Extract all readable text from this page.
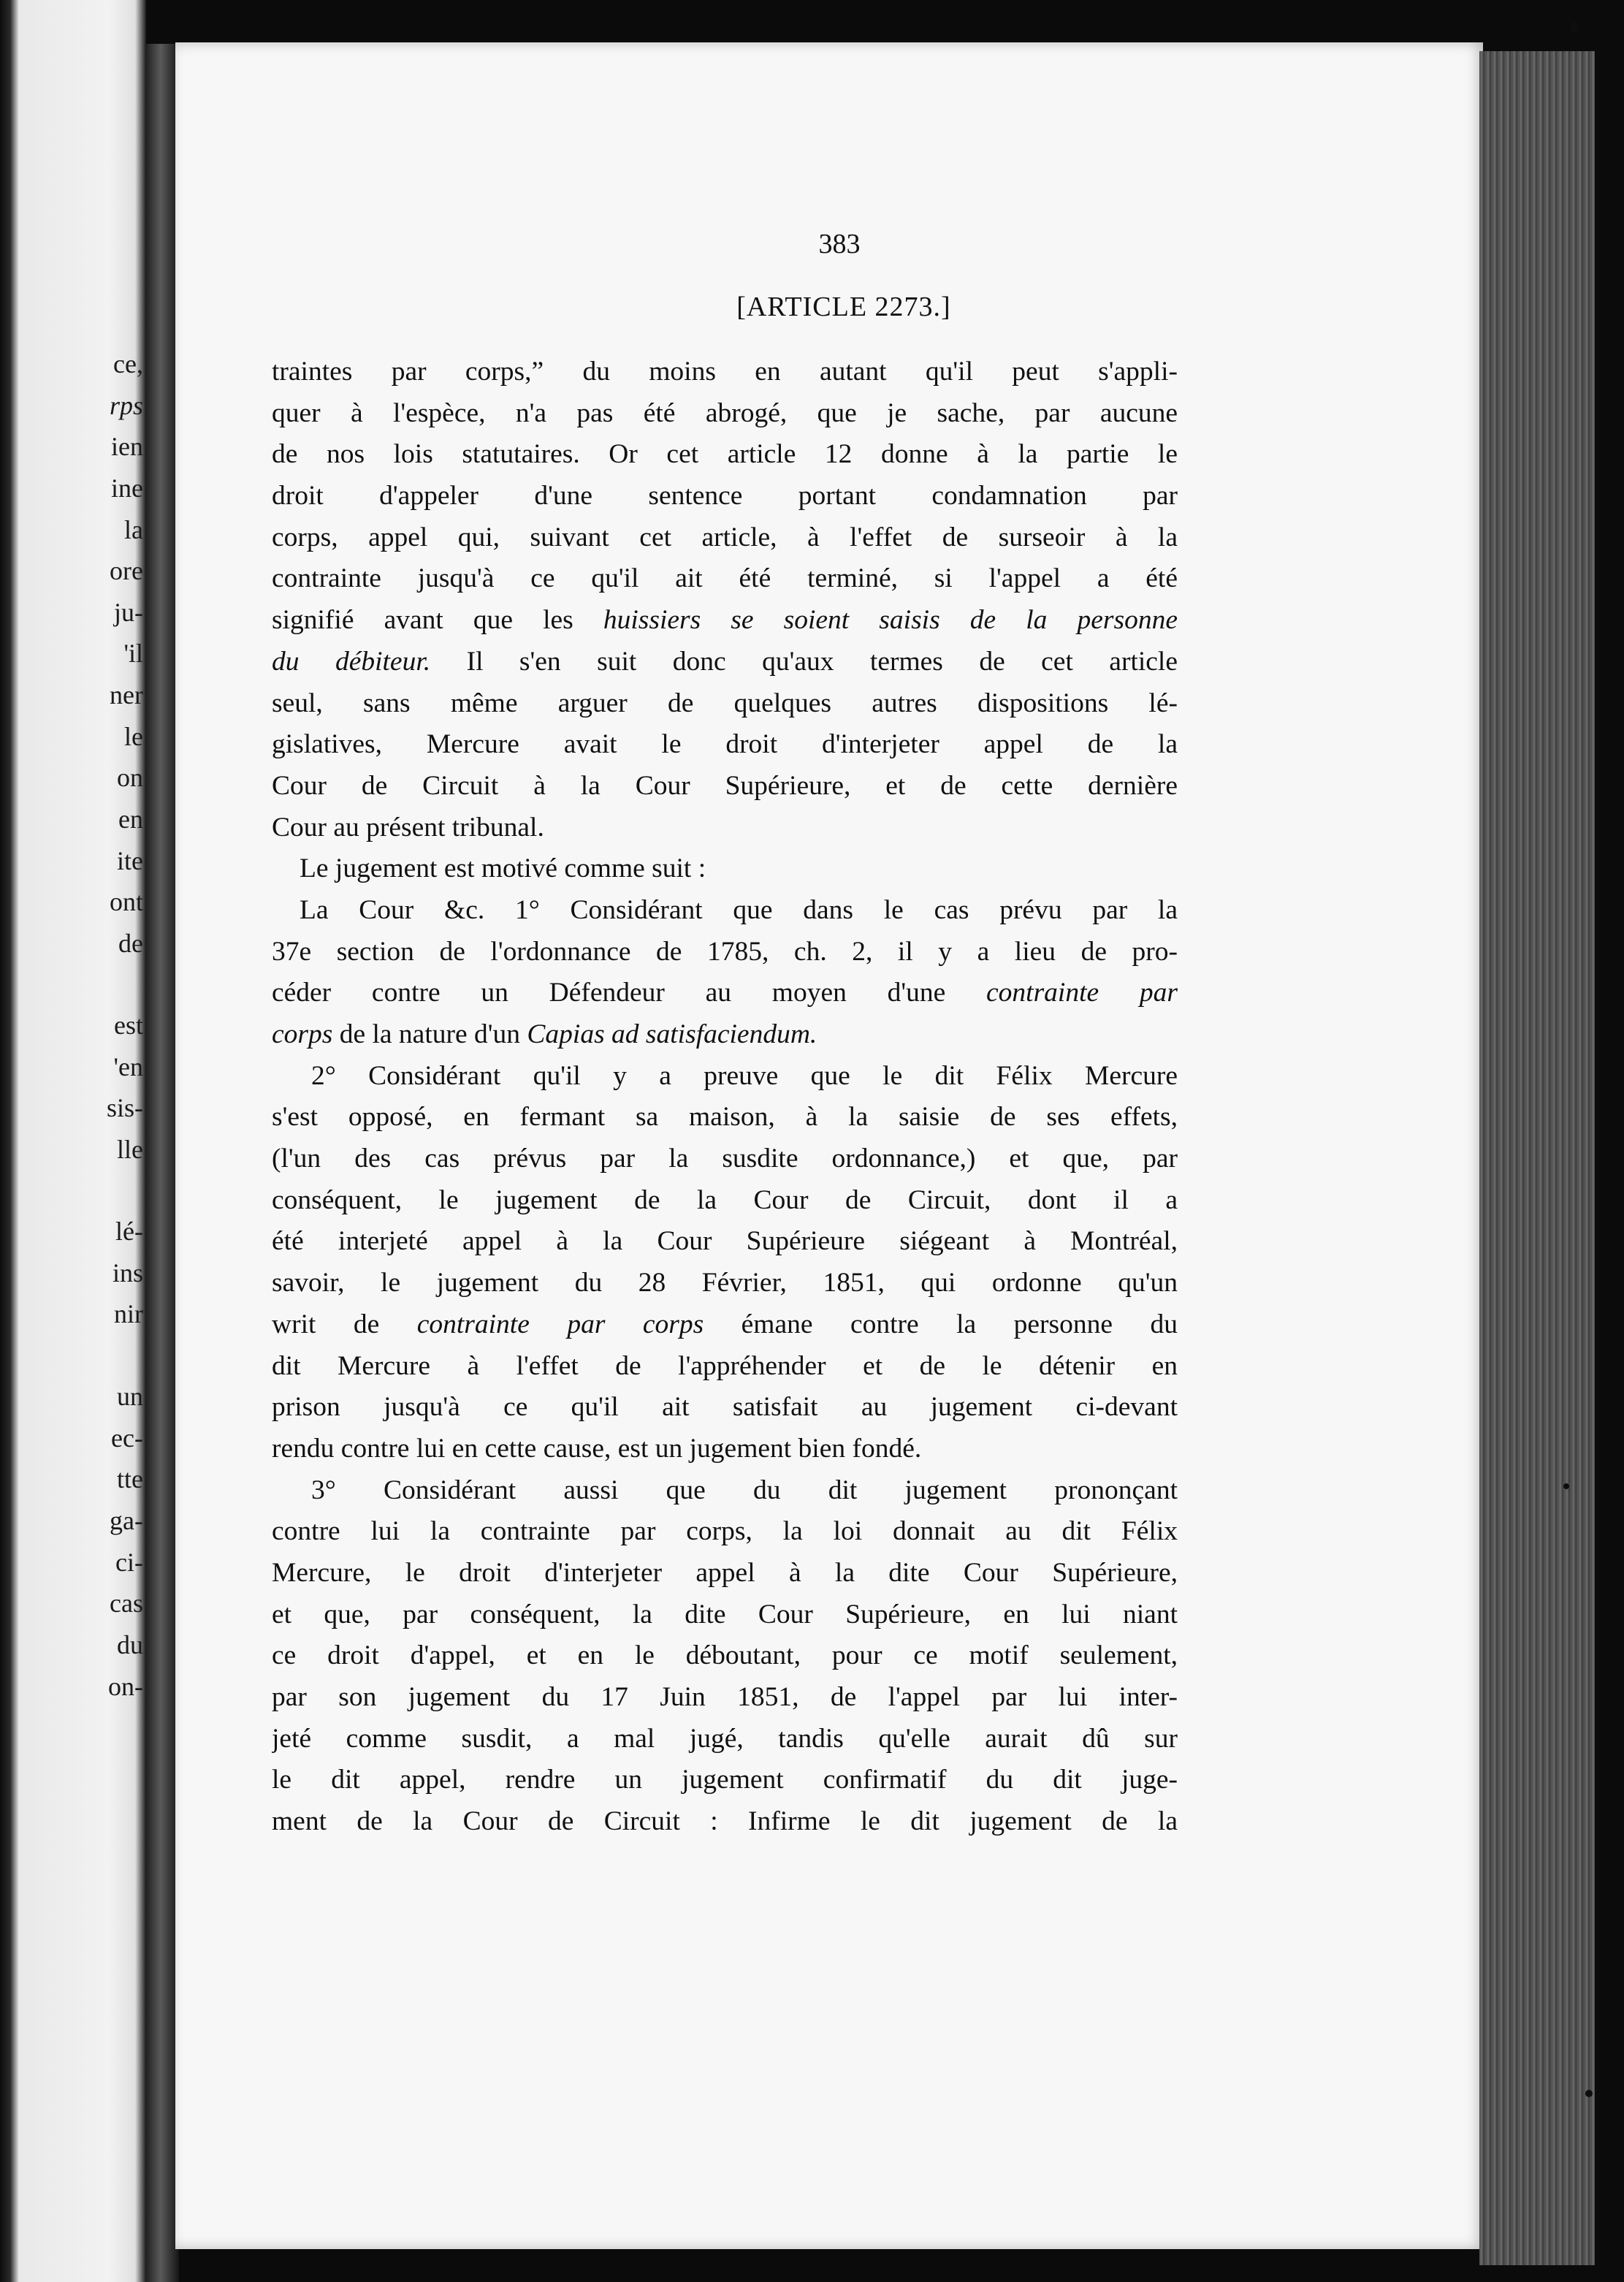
ce,
rps
ien
ine
la
ore
ju-
'il
ner
le
on
en
ite
ont
de
est
'en
sis-
lle
lé-
ins
nir
un
ec-
tte
ga-
ci-
cas
du
on-

383

[ARTICLE 2273.]

traintes par corps,” du moins en autant qu'il peut s'appli-
quer à l'espèce, n'a pas été abrogé, que je sache, par aucune
de nos lois statutaires. Or cet article 12 donne à la partie le
droit d'appeler d'une sentence portant condamnation par
corps, appel qui, suivant cet article, à l'effet de surseoir à la
contrainte jusqu'à ce qu'il ait été terminé, si l'appel a été
signifié avant que les huissiers se soient saisis de la personne
du débiteur. Il s'en suit donc qu'aux termes de cet article
seul, sans même arguer de quelques autres dispositions lé-
gislatives, Mercure avait le droit d'interjeter appel de la
Cour de Circuit à la Cour Supérieure, et de cette dernière
Cour au présent tribunal.
Le jugement est motivé comme suit :
La Cour &c. 1° Considérant que dans le cas prévu par la
37e section de l'ordonnance de 1785, ch. 2, il y a lieu de pro-
céder contre un Défendeur au moyen d'une contrainte par
corps de la nature d'un Capias ad satisfaciendum.
2° Considérant qu'il y a preuve que le dit Félix Mercure
s'est opposé, en fermant sa maison, à la saisie de ses effets,
(l'un des cas prévus par la susdite ordonnance,) et que, par
conséquent, le jugement de la Cour de Circuit, dont il a
été interjeté appel à la Cour Supérieure siégeant à Montréal,
savoir, le jugement du 28 Février, 1851, qui ordonne qu'un
writ de contrainte par corps émane contre la personne du
dit Mercure à l'effet de l'appréhender et de le détenir en
prison jusqu'à ce qu'il ait satisfait au jugement ci-devant
rendu contre lui en cette cause, est un jugement bien fondé.
3° Considérant aussi que du dit jugement prononçant
contre lui la contrainte par corps, la loi donnait au dit Félix
Mercure, le droit d'interjeter appel à la dite Cour Supérieure,
et que, par conséquent, la dite Cour Supérieure, en lui niant
ce droit d'appel, et en le déboutant, pour ce motif seulement,
par son jugement du 17 Juin 1851, de l'appel par lui inter-
jeté comme susdit, a mal jugé, tandis qu'elle aurait dû sur
le dit appel, rendre un jugement confirmatif du dit juge-
ment de la Cour de Circuit : Infirme le dit jugement de la
